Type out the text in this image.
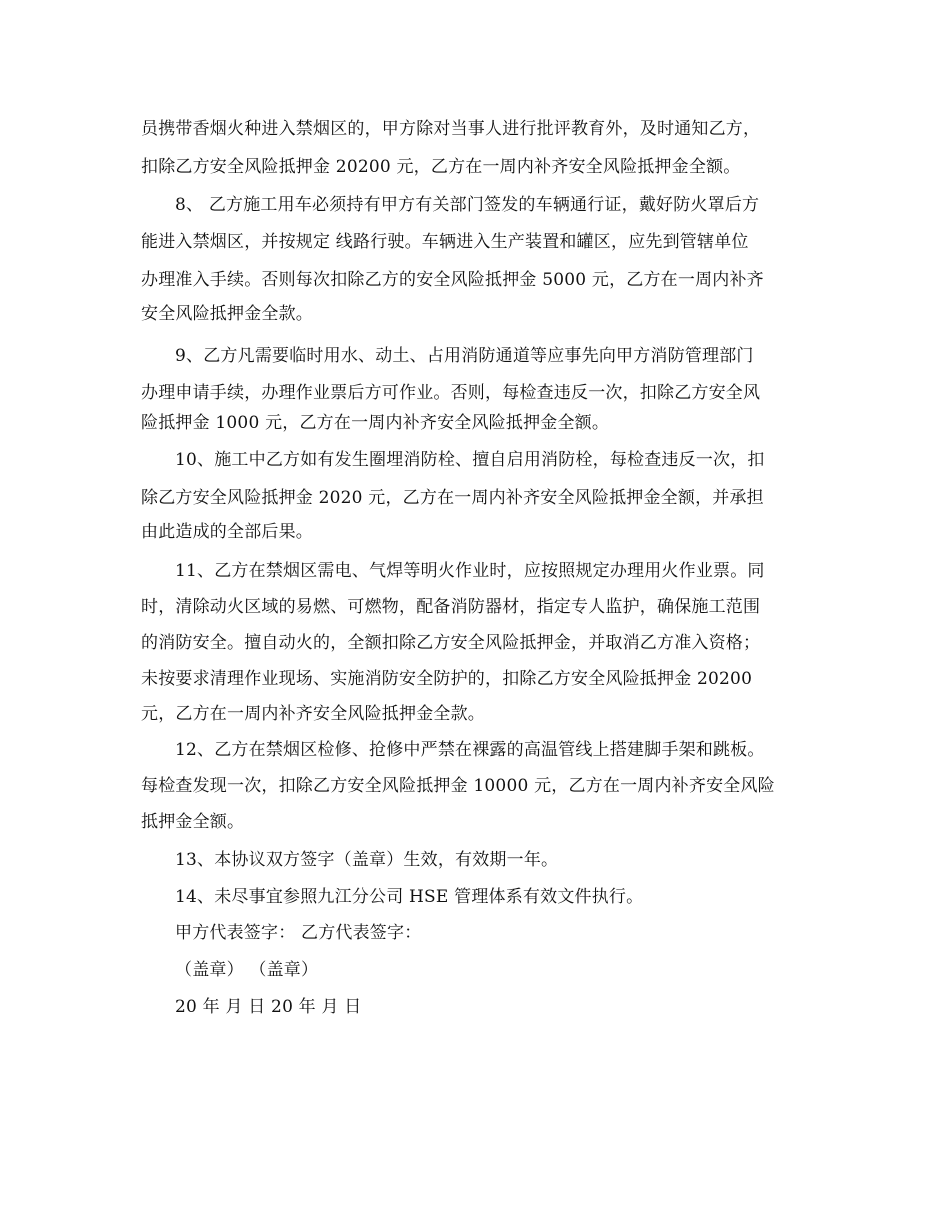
员携带香烟火种进入禁烟区的，甲方除对当事人进行批评教育外，及时通知乙方，
扣除乙方安全风险抵押金 20200 元，乙方在一周内补齐安全风险抵押金全额。
8、 乙方施工用车必须持有甲方有关部门签发的车辆通行证，戴好防火罩后方
能进入禁烟区，并按规定 线路行驶。车辆进入生产装置和罐区，应先到管辖单位
办理准入手续。否则每次扣除乙方的安全风险抵押金 5000 元，乙方在一周内补齐
安全风险抵押金全款。
9、乙方凡需要临时用水、动土、占用消防通道等应事先向甲方消防管理部门
办理申请手续，办理作业票后方可作业。否则，每检查违反一次，扣除乙方安全风
险抵押金 1000 元，乙方在一周内补齐安全风险抵押金全额。
10、施工中乙方如有发生圈埋消防栓、擅自启用消防栓，每检查违反一次，扣
除乙方安全风险抵押金 2020 元，乙方在一周内补齐安全风险抵押金全额，并承担
由此造成的全部后果。
11、乙方在禁烟区需电、气焊等明火作业时，应按照规定办理用火作业票。同
时，清除动火区域的易燃、可燃物，配备消防器材，指定专人监护，确保施工范围
的消防安全。擅自动火的，全额扣除乙方安全风险抵押金，并取消乙方准入资格；
未按要求清理作业现场、实施消防安全防护的，扣除乙方安全风险抵押金 20200
元，乙方在一周内补齐安全风险抵押金全款。
12、乙方在禁烟区检修、抢修中严禁在裸露的高温管线上搭建脚手架和跳板。
每检查发现一次，扣除乙方安全风险抵押金 10000 元，乙方在一周内补齐安全风险
抵押金全额。
13、本协议双方签字（盖章）生效，有效期一年。
14、未尽事宜参照九江分公司 HSE 管理体系有效文件执行。
甲方代表签字： 乙方代表签字：
（盖章） （盖章）
20 年 月 日 20 年 月 日
